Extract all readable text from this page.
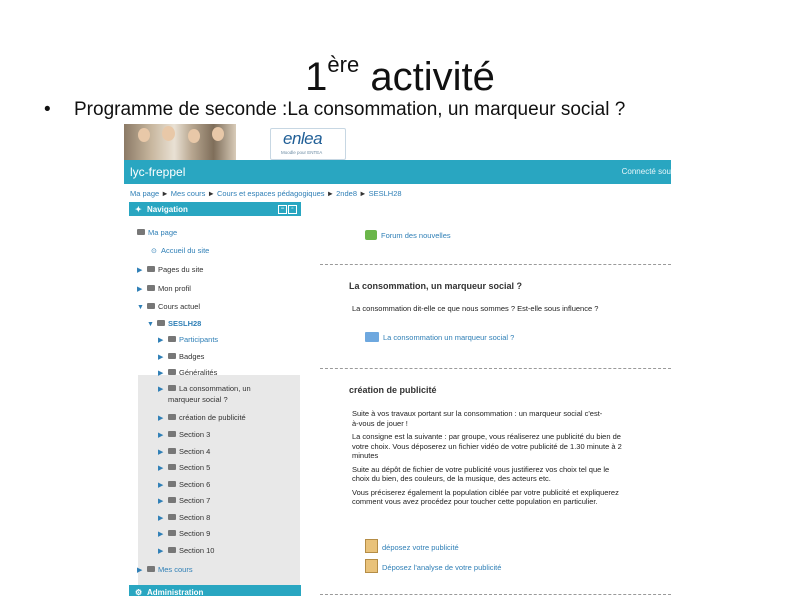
1ère activité
• Programme de seconde :La consommation, un marqueur social ?
enlea
Moodle pour ENTEA
lyc-freppel	Connecté sou
Ma page ► Mes cours ► Cours et espaces pédagogiques ► 2nde8 ► SESLH28
✦ Navigation	−	▫
Ma page
⊙ Accueil du site
▶ Pages du site
▶ Mon profil
▼ Cours actuel
▼ SESLH28
▶ Participants
▶ Badges
▶ Généralités
▶ La consommation, un
marqueur social ?
▶ création de publicité
▶ Section 3
▶ Section 4
▶ Section 5
▶ Section 6
▶ Section 7
▶ Section 8
▶ Section 9
▶ Section 10
▶ Mes cours
⚙ Administration
Forum des nouvelles
La consommation, un marqueur social ?
La consommation dit-elle ce que nous sommes ? Est-elle sous influence ?
La consommation un marqueur social ?
création de publicité
Suite à vos travaux portant sur la consommation : un marqueur social c'est-
à-vous de jouer !
La consigne est la suivante : par groupe, vous réaliserez une publicité du bien de
votre choix. Vous déposerez un fichier vidéo de votre publicité de 1.30 minute à 2
minutes
Suite au dépôt de fichier de votre publicité vous justifierez vos choix tel que le
choix du bien, des couleurs, de la musique, des acteurs etc.
Vous préciserez également la population ciblée par votre publicité et expliquerez
comment vous avez procédez pour toucher cette population en particulier.
déposez votre publicité
Déposez l'analyse de votre publicité
